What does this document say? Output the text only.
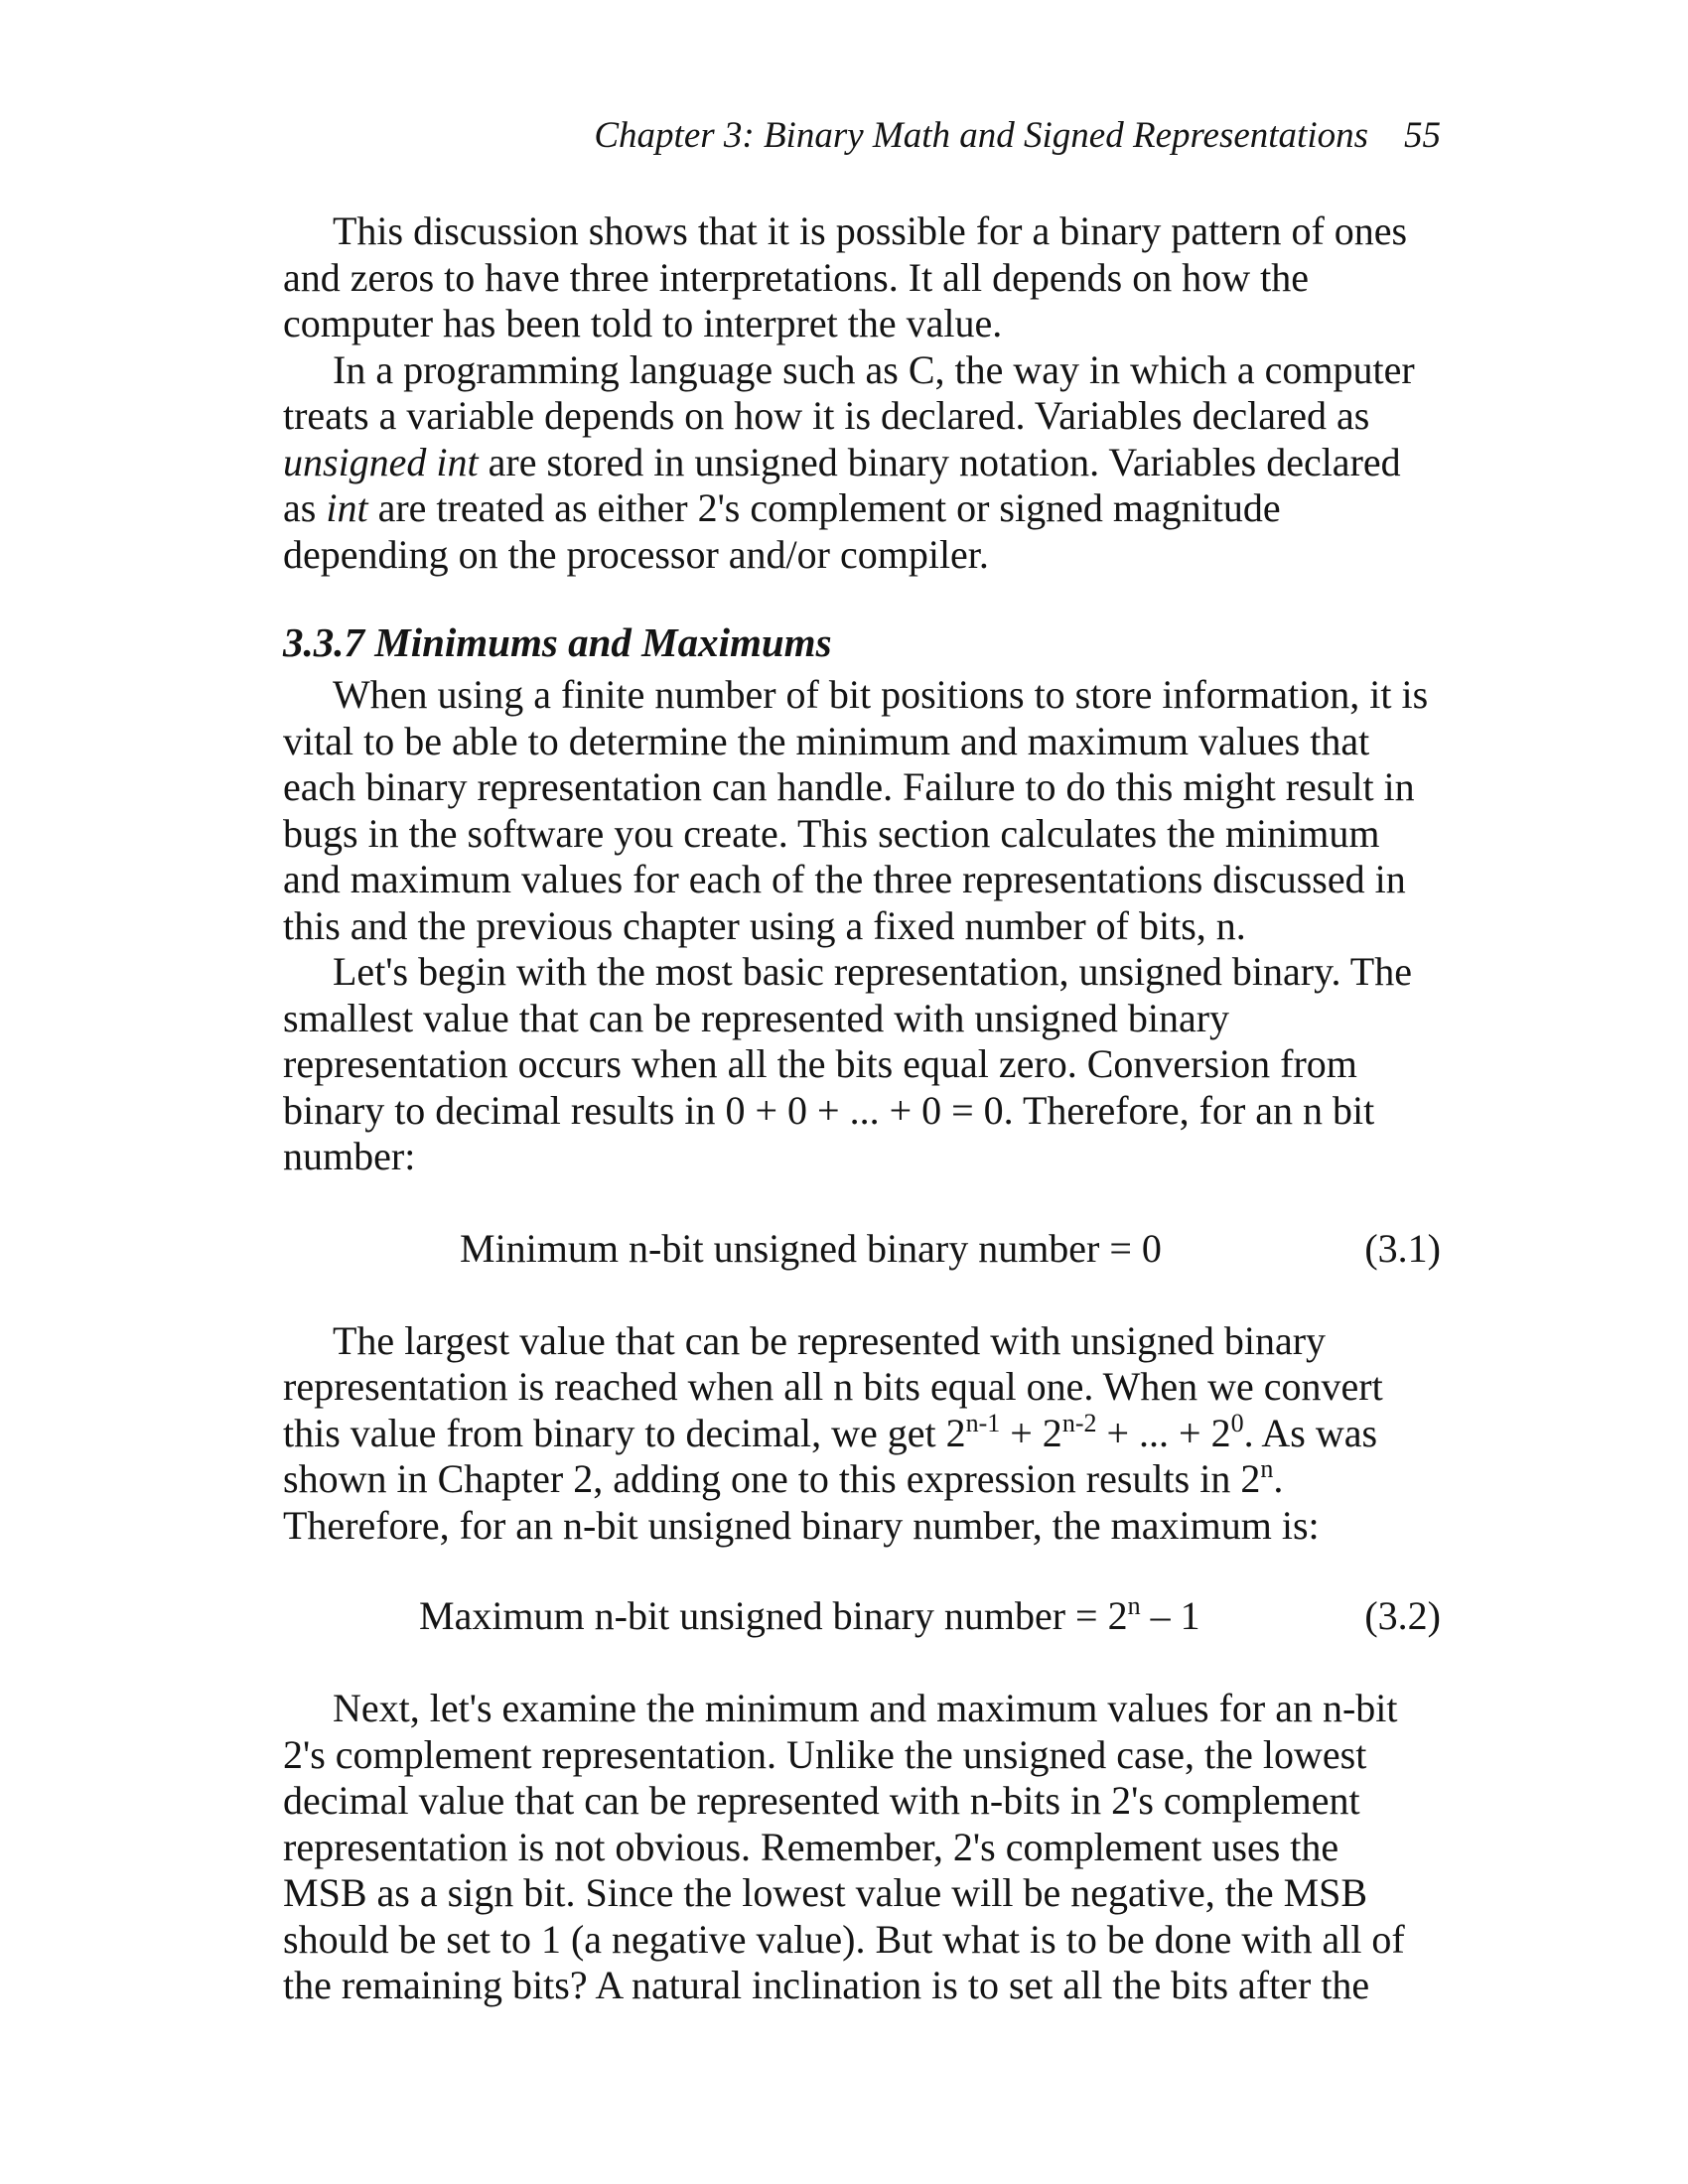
Chapter 3: Binary Math and Signed Representations 55

This discussion shows that it is possible for a binary pattern of ones
and zeros to have three interpretations. It all depends on how the
computer has been told to interpret the value.

In a programming language such as C, the way in which a computer
treats a variable depends on how it is declared. Variables declared as
unsigned int are stored in unsigned binary notation. Variables declared
as int are treated as either 2's complement or signed magnitude
depending on the processor and/or compiler.

3.3.7 Minimums and Maximums

When using a finite number of bit positions to store information, it is
vital to be able to determine the minimum and maximum values that
each binary representation can handle. Failure to do this might result in
bugs in the software you create. This section calculates the minimum
and maximum values for each of the three representations discussed in
this and the previous chapter using a fixed number of bits, n.

Let's begin with the most basic representation, unsigned binary. The
smallest value that can be represented with unsigned binary
representation occurs when all the bits equal zero. Conversion from
binary to decimal results in 0 + 0 + ... + 0 = 0. Therefore, for an n bit
number:

Minimum n-bit unsigned binary number = 0	(3.1)

The largest value that can be represented with unsigned binary
representation is reached when all n bits equal one. When we convert
this value from binary to decimal, we get $2^{n-1} + 2^{n-2}$ + ... + $2^0$. As was
shown in Chapter 2, adding one to this expression results in 2$^n$.
Therefore, for an n-bit unsigned binary number, the maximum is:

Maximum n-bit unsigned binary number = $2^n - 1$	(3.2)

Next, let's examine the minimum and maximum values for an n-bit
2's complement representation. Unlike the unsigned case, the lowest
decimal value that can be represented with n-bits in 2's complement
representation is not obvious. Remember, 2's complement uses the
MSB as a sign bit. Since the lowest value will be negative, the MSB
should be set to 1 (a negative value). But what is to be done with all of
the remaining bits? A natural inclination is to set all the bits after the
